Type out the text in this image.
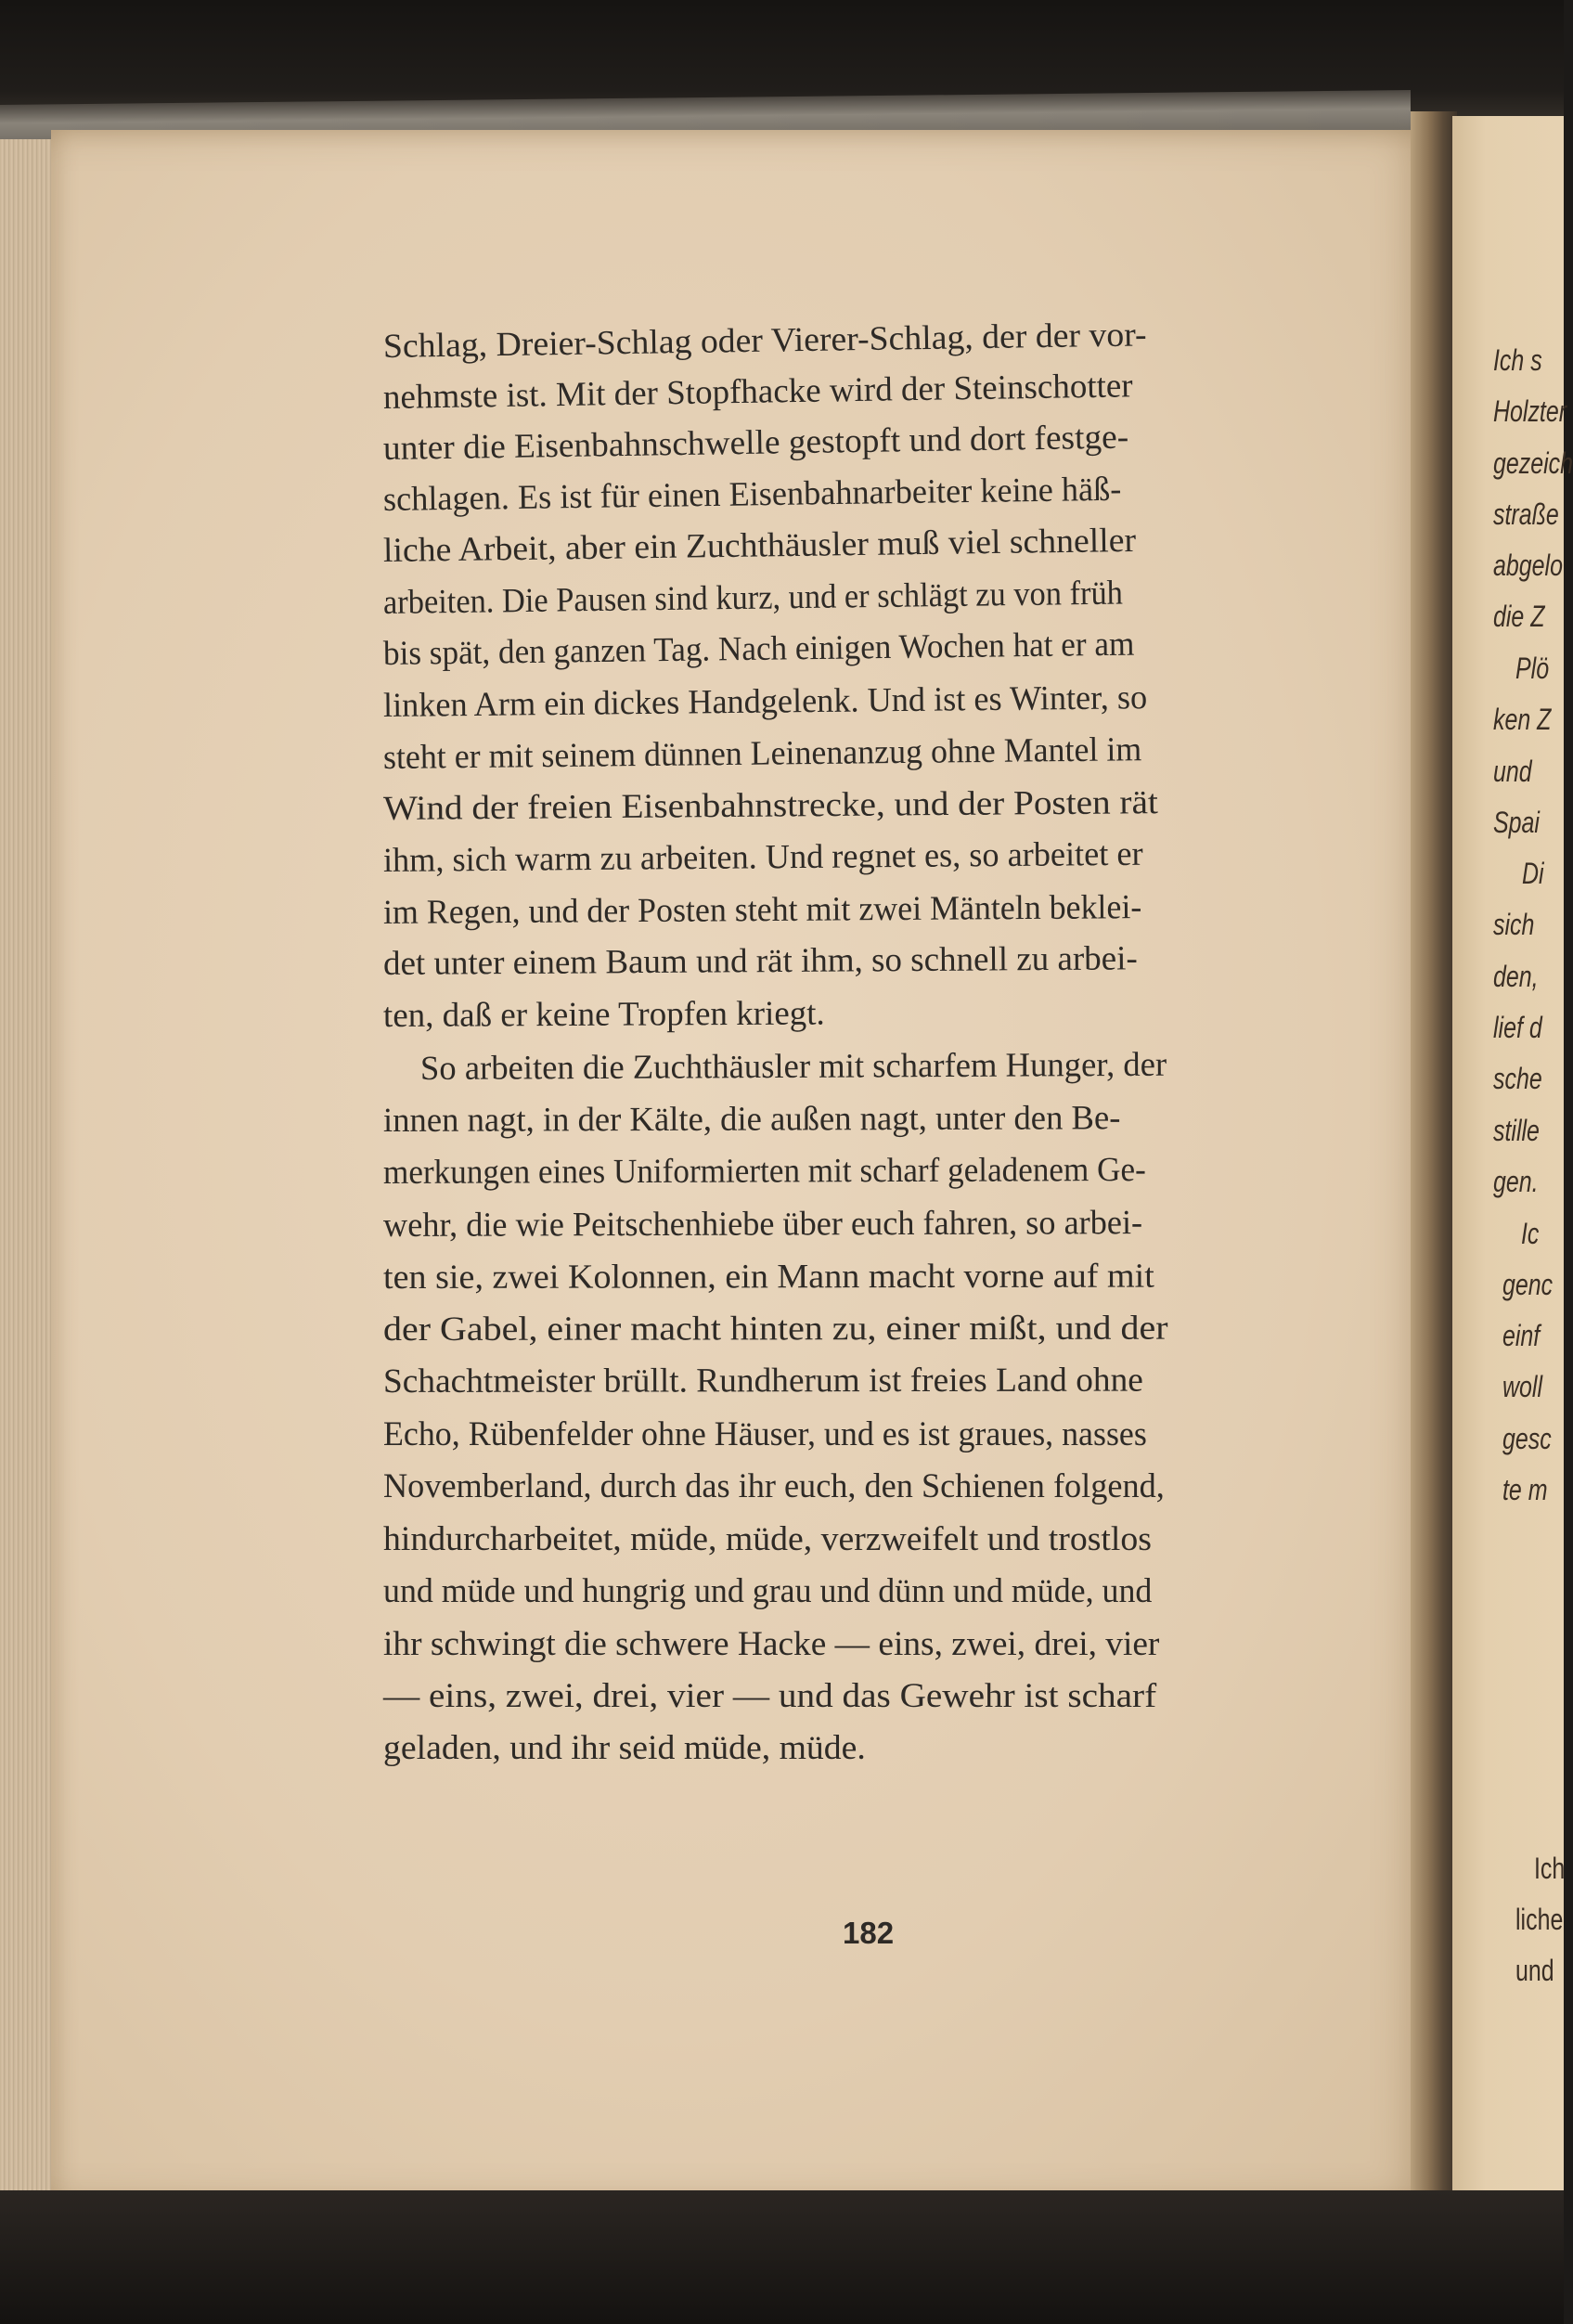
Schlag, Dreier-Schlag oder Vierer-Schlag, der der vor-
nehmste ist. Mit der Stopfhacke wird der Steinschotter
unter die Eisenbahnschwelle gestopft und dort festge-
schlagen. Es ist für einen Eisenbahnarbeiter keine häß-
liche Arbeit, aber ein Zuchthäusler muß viel schneller
arbeiten. Die Pausen sind kurz, und er schlägt zu von früh
bis spät, den ganzen Tag. Nach einigen Wochen hat er am
linken Arm ein dickes Handgelenk. Und ist es Winter, so
steht er mit seinem dünnen Leinenanzug ohne Mantel im
Wind der freien Eisenbahnstrecke, und der Posten rät
ihm, sich warm zu arbeiten. Und regnet es, so arbeitet er
im Regen, und der Posten steht mit zwei Mänteln beklei-
det unter einem Baum und rät ihm, so schnell zu arbei-
ten, daß er keine Tropfen kriegt.
So arbeiten die Zuchthäusler mit scharfem Hunger, der
innen nagt, in der Kälte, die außen nagt, unter den Be-
merkungen eines Uniformierten mit scharf geladenem Ge-
wehr, die wie Peitschenhiebe über euch fahren, so arbei-
ten sie, zwei Kolonnen, ein Mann macht vorne auf mit
der Gabel, einer macht hinten zu, einer mißt, und der
Schachtmeister brüllt. Rundherum ist freies Land ohne
Echo, Rübenfelder ohne Häuser, und es ist graues, nasses
Novemberland, durch das ihr euch, den Schienen folgend,
hindurcharbeitet, müde, müde, verzweifelt und trostlos
und müde und hungrig und grau und dünn und müde, und
ihr schwingt die schwere Hacke — eins, zwei, drei, vier
— eins, zwei, drei, vier — und das Gewehr ist scharf
geladen, und ihr seid müde, müde.
182
Ich s
Holzter
gezeich
straße
abgelo
die Z
Plö
ken Z
und
Spai
Di
sich
den,
lief d
sche
stille
gen.
Ic
genc
einf
woll
gesc
te m
Ich
liche
und
